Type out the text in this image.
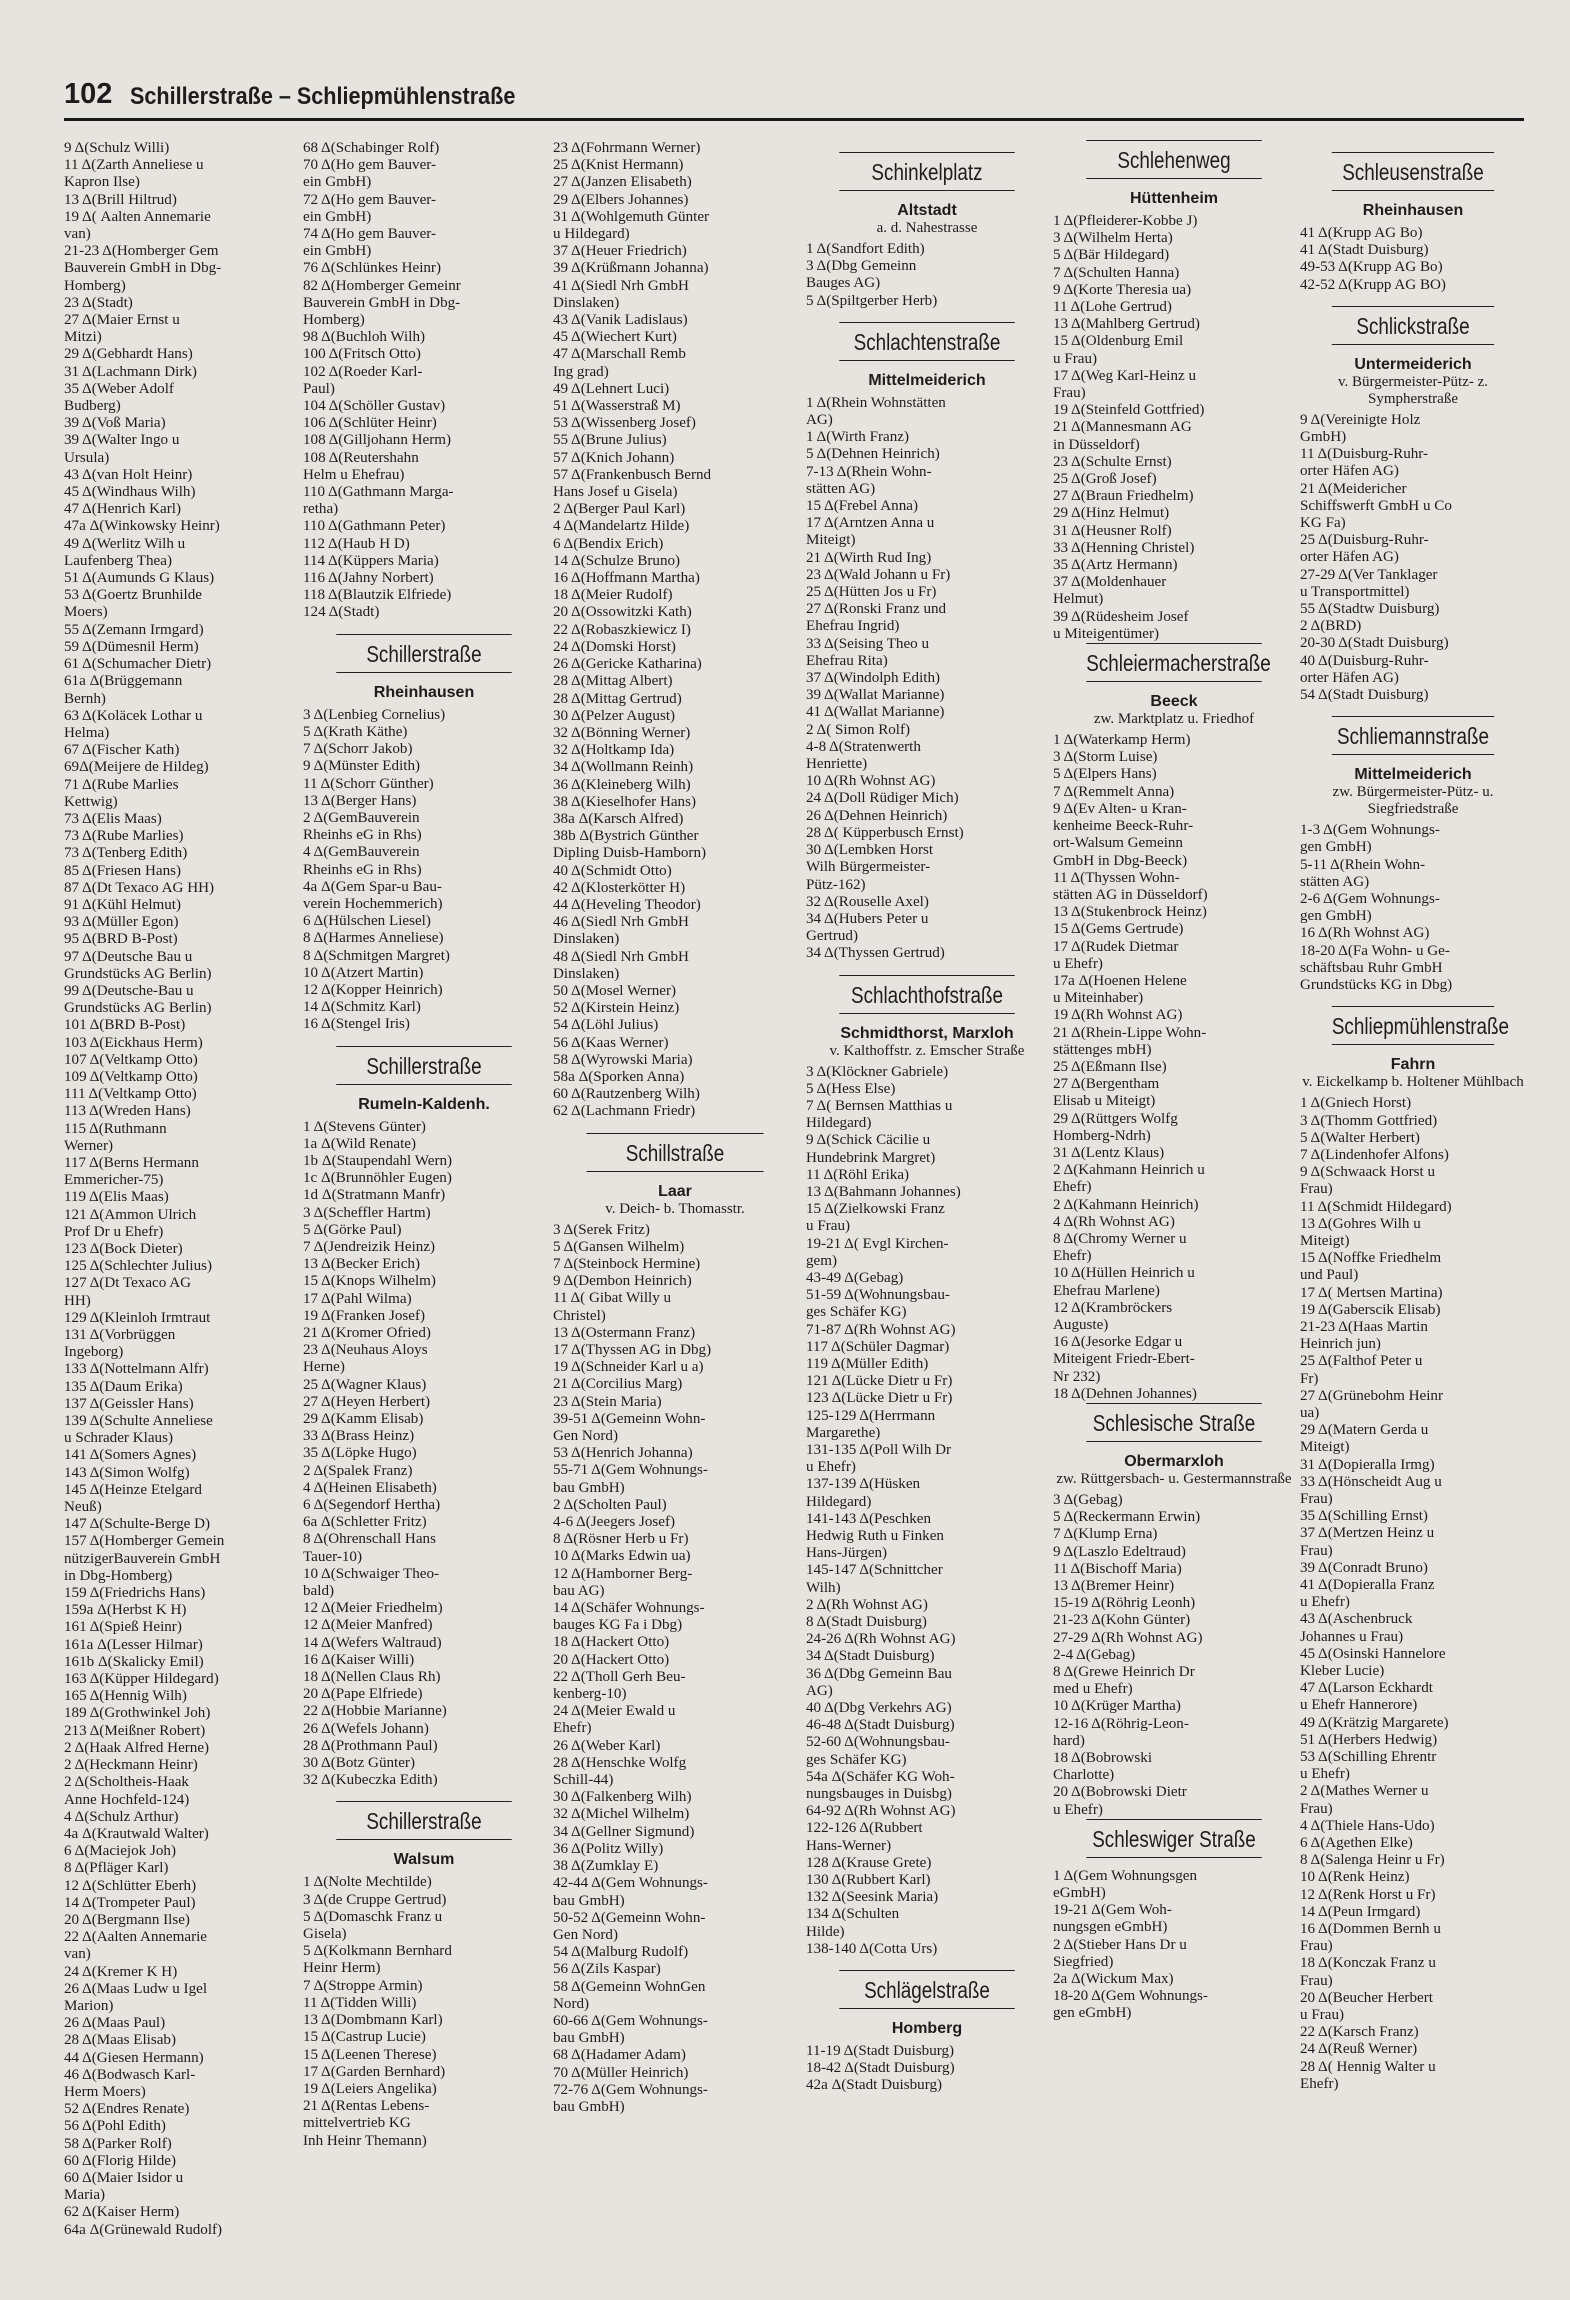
102 Schillerstraße – Schliepmühlenstraße
9 Δ(Schulz Willi)
11 Δ(Zarth Anneliese u
Kapron Ilse)
13 Δ(Brill Hiltrud)
19 Δ( Aalten Annemarie
van)
21-23 Δ(Homberger Gem
Bauverein GmbH in Dbg-
Homberg)
23 Δ(Stadt)
27 Δ(Maier Ernst u
Mitzi)
29 Δ(Gebhardt Hans)
31 Δ(Lachmann Dirk)
35 Δ(Weber Adolf
Budberg)
39 Δ(Voß Maria)
39 Δ(Walter Ingo u
Ursula)
43 Δ(van Holt Heinr)
45 Δ(Windhaus Wilh)
47 Δ(Henrich Karl)
47a Δ(Winkowsky Heinr)
49 Δ(Werlitz Wilh u
Laufenberg Thea)
51 Δ(Aumunds G Klaus)
53 Δ(Goertz Brunhilde
Moers)
55 Δ(Zemann Irmgard)
59 Δ(Dümesnil Herm)
61 Δ(Schumacher Dietr)
61a Δ(Brüggemann
Bernh)
63 Δ(Koläcek Lothar u
Helma)
67 Δ(Fischer Kath)
69Δ(Meijere de Hildeg)
71 Δ(Rube Marlies
Kettwig)
73 Δ(Elis Maas)
73 Δ(Rube Marlies)
73 Δ(Tenberg Edith)
85 Δ(Friesen Hans)
87 Δ(Dt Texaco AG HH)
91 Δ(Kühl Helmut)
93 Δ(Müller Egon)
95 Δ(BRD B-Post)
97 Δ(Deutsche Bau u
Grundstücks AG Berlin)
99 Δ(Deutsche-Bau u
Grundstücks AG Berlin)
101 Δ(BRD B-Post)
103 Δ(Eickhaus Herm)
107 Δ(Veltkamp Otto)
109 Δ(Veltkamp Otto)
111 Δ(Veltkamp Otto)
113 Δ(Wreden Hans)
115 Δ(Ruthmann
Werner)
117 Δ(Berns Hermann
Emmericher-75)
119 Δ(Elis Maas)
121 Δ(Ammon Ulrich
Prof Dr u Ehefr)
123 Δ(Bock Dieter)
125 Δ(Schlechter Julius)
127 Δ(Dt Texaco AG
HH)
129 Δ(Kleinloh Irmtraut
131 Δ(Vorbrüggen
Ingeborg)
133 Δ(Nottelmann Alfr)
135 Δ(Daum Erika)
137 Δ(Geissler Hans)
139 Δ(Schulte Anneliese
u Schrader Klaus)
141 Δ(Somers Agnes)
143 Δ(Simon Wolfg)
145 Δ(Heinze Etelgard
Neuß)
147 Δ(Schulte-Berge D)
157 Δ(Homberger Gemein
nützigerBauverein GmbH
in Dbg-Homberg)
159 Δ(Friedrichs Hans)
159a Δ(Herbst K H)
161 Δ(Spieß Heinr)
161a Δ(Lesser Hilmar)
161b Δ(Skalicky Emil)
163 Δ(Küpper Hildegard)
165 Δ(Hennig Wilh)
189 Δ(Grothwinkel Joh)
213 Δ(Meißner Robert)
2 Δ(Haak Alfred Herne)
2 Δ(Heckmann Heinr)
2 Δ(Scholtheis-Haak
Anne Hochfeld-124)
4 Δ(Schulz Arthur)
4a Δ(Krautwald Walter)
6 Δ(Maciejok Joh)
8 Δ(Pfläger Karl)
12 Δ(Schlütter Eberh)
14 Δ(Trompeter Paul)
20 Δ(Bergmann Ilse)
22 Δ(Aalten Annemarie
van)
24 Δ(Kremer K H)
26 Δ(Maas Ludw u Igel
Marion)
26 Δ(Maas Paul)
28 Δ(Maas Elisab)
44 Δ(Giesen Hermann)
46 Δ(Bodwasch Karl-
Herm Moers)
52 Δ(Endres Renate)
56 Δ(Pohl Edith)
58 Δ(Parker Rolf)
60 Δ(Florig Hilde)
60 Δ(Maier Isidor u
Maria)
62 Δ(Kaiser Herm)
64a Δ(Grünewald Rudolf)
68 Δ(Schabinger Rolf)
70 Δ(Ho gem Bauver-
ein GmbH)
72 Δ(Ho gem Bauver-
ein GmbH)
74 Δ(Ho gem Bauver-
ein GmbH)
76 Δ(Schlünkes Heinr)
82 Δ(Homberger Gemeinr
Bauverein GmbH in Dbg-
Homberg)
98 Δ(Buchloh Wilh)
100 Δ(Fritsch Otto)
102 Δ(Roeder Karl-
Paul)
104 Δ(Schöller Gustav)
106 Δ(Schlüter Heinr)
108 Δ(Gilljohann Herm)
108 Δ(Reutershahn
Helm u Ehefrau)
110 Δ(Gathmann Marga-
retha)
110 Δ(Gathmann Peter)
112 Δ(Haub H D)
114 Δ(Küppers Maria)
116 Δ(Jahny Norbert)
118 Δ(Blautzik Elfriede)
124 Δ(Stadt)
Schillerstraße
Rheinhausen
3 Δ(Lenbieg Cornelius)
5 Δ(Krath Käthe)
7 Δ(Schorr Jakob)
9 Δ(Münster Edith)
11 Δ(Schorr Günther)
13 Δ(Berger Hans)
2 Δ(GemBauverein
Rheinhs eG in Rhs)
4 Δ(GemBauverein
Rheinhs eG in Rhs)
4a Δ(Gem Spar-u Bau-
verein Hochemmerich)
6 Δ(Hülschen Liesel)
8 Δ(Harmes Anneliese)
8 Δ(Schmitgen Margret)
10 Δ(Atzert Martin)
12 Δ(Kopper Heinrich)
14 Δ(Schmitz Karl)
16 Δ(Stengel Iris)
Schillerstraße
Rumeln-Kaldenh.
1 Δ(Stevens Günter)
1a Δ(Wild Renate)
1b Δ(Staupendahl Wern)
1c Δ(Brunnöhler Eugen)
1d Δ(Stratmann Manfr)
3 Δ(Scheffler Hartm)
5 Δ(Görke Paul)
7 Δ(Jendreizik Heinz)
13 Δ(Becker Erich)
15 Δ(Knops Wilhelm)
17 Δ(Pahl Wilma)
19 Δ(Franken Josef)
21 Δ(Kromer Ofried)
23 Δ(Neuhaus Aloys
Herne)
25 Δ(Wagner Klaus)
27 Δ(Heyen Herbert)
29 Δ(Kamm Elisab)
33 Δ(Brass Heinz)
35 Δ(Löpke Hugo)
2 Δ(Spalek Franz)
4 Δ(Heinen Elisabeth)
6 Δ(Segendorf Hertha)
6a Δ(Schletter Fritz)
8 Δ(Ohrenschall Hans
Tauer-10)
10 Δ(Schwaiger Theo-
bald)
12 Δ(Meier Friedhelm)
12 Δ(Meier Manfred)
14 Δ(Wefers Waltraud)
16 Δ(Kaiser Willi)
18 Δ(Nellen Claus Rh)
20 Δ(Pape Elfriede)
22 Δ(Hobbie Marianne)
26 Δ(Wefels Johann)
28 Δ(Prothmann Paul)
30 Δ(Botz Günter)
32 Δ(Kubeczka Edith)
Schillerstraße
Walsum
1 Δ(Nolte Mechtilde)
3 Δ(de Cruppe Gertrud)
5 Δ(Domaschk Franz u
Gisela)
5 Δ(Kolkmann Bernhard
Heinr Herm)
7 Δ(Stroppe Armin)
11 Δ(Tidden Willi)
13 Δ(Dombmann Karl)
15 Δ(Castrup Lucie)
15 Δ(Leenen Therese)
17 Δ(Garden Bernhard)
19 Δ(Leiers Angelika)
21 Δ(Rentas Lebens-
mittelvertrieb KG
Inh Heinr Themann)
23 Δ(Fohrmann Werner)
25 Δ(Knist Hermann)
27 Δ(Janzen Elisabeth)
29 Δ(Elbers Johannes)
31 Δ(Wohlgemuth Günter
u Hildegard)
37 Δ(Heuer Friedrich)
39 Δ(Krüßmann Johanna)
41 Δ(Siedl Nrh GmbH
Dinslaken)
43 Δ(Vanik Ladislaus)
45 Δ(Wiechert Kurt)
47 Δ(Marschall Remb
Ing grad)
49 Δ(Lehnert Luci)
51 Δ(Wasserstraß M)
53 Δ(Wissenberg Josef)
55 Δ(Brune Julius)
57 Δ(Knich Johann)
57 Δ(Frankenbusch Bernd
Hans Josef u Gisela)
2 Δ(Berger Paul Karl)
4 Δ(Mandelartz Hilde)
6 Δ(Bendix Erich)
14 Δ(Schulze Bruno)
16 Δ(Hoffmann Martha)
18 Δ(Meier Rudolf)
20 Δ(Ossowitzki Kath)
22 Δ(Robaszkiewicz I)
24 Δ(Domski Horst)
26 Δ(Gericke Katharina)
28 Δ(Mittag Albert)
28 Δ(Mittag Gertrud)
30 Δ(Pelzer August)
32 Δ(Bönning Werner)
32 Δ(Holtkamp Ida)
34 Δ(Wollmann Reinh)
36 Δ(Kleineberg Wilh)
38 Δ(Kieselhofer Hans)
38a Δ(Karsch Alfred)
38b Δ(Bystrich Günther
Dipling Duisb-Hamborn)
40 Δ(Schmidt Otto)
42 Δ(Klosterkötter H)
44 Δ(Heveling Theodor)
46 Δ(Siedl Nrh GmbH
Dinslaken)
48 Δ(Siedl Nrh GmbH
Dinslaken)
50 Δ(Mosel Werner)
52 Δ(Kirstein Heinz)
54 Δ(Löhl Julius)
56 Δ(Kaas Werner)
58 Δ(Wyrowski Maria)
58a Δ(Sporken Anna)
60 Δ(Rautzenberg Wilh)
62 Δ(Lachmann Friedr)
Schillstraße
Laar
v. Deich- b. Thomasstr.
3 Δ(Serek Fritz)
5 Δ(Gansen Wilhelm)
7 Δ(Steinbock Hermine)
9 Δ(Dembon Heinrich)
11 Δ( Gibat Willy u
Christel)
13 Δ(Ostermann Franz)
17 Δ(Thyssen AG in Dbg)
19 Δ(Schneider Karl u a)
21 Δ(Corcilius Marg)
23 Δ(Stein Maria)
39-51 Δ(Gemeinn Wohn-
Gen Nord)
53 Δ(Henrich Johanna)
55-71 Δ(Gem Wohnungs-
bau GmbH)
2 Δ(Scholten Paul)
4-6 Δ(Jeegers Josef)
8 Δ(Rösner Herb u Fr)
10 Δ(Marks Edwin ua)
12 Δ(Hamborner Berg-
bau AG)
14 Δ(Schäfer Wohnungs-
bauges KG Fa i Dbg)
18 Δ(Hackert Otto)
20 Δ(Hackert Otto)
22 Δ(Tholl Gerh Beu-
kenberg-10)
24 Δ(Meier Ewald u
Ehefr)
26 Δ(Weber Karl)
28 Δ(Henschke Wolfg
Schill-44)
30 Δ(Falkenberg Wilh)
32 Δ(Michel Wilhelm)
34 Δ(Gellner Sigmund)
36 Δ(Politz Willy)
38 Δ(Zumklay E)
42-44 Δ(Gem Wohnungs-
bau GmbH)
50-52 Δ(Gemeinn Wohn-
Gen Nord)
54 Δ(Malburg Rudolf)
56 Δ(Zils Kaspar)
58 Δ(Gemeinn WohnGen
Nord)
60-66 Δ(Gem Wohnungs-
bau GmbH)
68 Δ(Hadamer Adam)
70 Δ(Müller Heinrich)
72-76 Δ(Gem Wohnungs-
bau GmbH)
Schinkelplatz
Altstadt
a. d. Nahestrasse
1 Δ(Sandfort Edith)
3 Δ(Dbg Gemeinn
Bauges AG)
5 Δ(Spiltgerber Herb)
Schlachtenstraße
Mittelmeiderich
1 Δ(Rhein Wohnstätten
AG)
1 Δ(Wirth Franz)
5 Δ(Dehnen Heinrich)
7-13 Δ(Rhein Wohn-
stätten AG)
15 Δ(Frebel Anna)
17 Δ(Arntzen Anna u
Miteigt)
21 Δ(Wirth Rud Ing)
23 Δ(Wald Johann u Fr)
25 Δ(Hütten Jos u Fr)
27 Δ(Ronski Franz und
Ehefrau Ingrid)
33 Δ(Seising Theo u
Ehefrau Rita)
37 Δ(Windolph Edith)
39 Δ(Wallat Marianne)
41 Δ(Wallat Marianne)
2 Δ( Simon Rolf)
4-8 Δ(Stratenwerth
Henriette)
10 Δ(Rh Wohnst AG)
24 Δ(Doll Rüdiger Mich)
26 Δ(Dehnen Heinrich)
28 Δ( Küpperbusch Ernst)
30 Δ(Lembken Horst
Wilh Bürgermeister-
Pütz-162)
32 Δ(Rouselle Axel)
34 Δ(Hubers Peter u
Gertrud)
34 Δ(Thyssen Gertrud)
Schlachthofstraße
Schmidthorst, Marxloh
v. Kalthoffstr. z. Emscher Straße
3 Δ(Klöckner Gabriele)
5 Δ(Hess Else)
7 Δ( Bernsen Matthias u
Hildegard)
9 Δ(Schick Cäcilie u
Hundebrink Margret)
11 Δ(Röhl Erika)
13 Δ(Bahmann Johannes)
15 Δ(Zielkowski Franz
u Frau)
19-21 Δ( Evgl Kirchen-
gem)
43-49 Δ(Gebag)
51-59 Δ(Wohnungsbau-
ges Schäfer KG)
71-87 Δ(Rh Wohnst AG)
117 Δ(Schüler Dagmar)
119 Δ(Müller Edith)
121 Δ(Lücke Dietr u Fr)
123 Δ(Lücke Dietr u Fr)
125-129 Δ(Herrmann
Margarethe)
131-135 Δ(Poll Wilh Dr
u Ehefr)
137-139 Δ(Hüsken
Hildegard)
141-143 Δ(Peschken
Hedwig Ruth u Finken
Hans-Jürgen)
145-147 Δ(Schnittcher
Wilh)
2 Δ(Rh Wohnst AG)
8 Δ(Stadt Duisburg)
24-26 Δ(Rh Wohnst AG)
34 Δ(Stadt Duisburg)
36 Δ(Dbg Gemeinn Bau
AG)
40 Δ(Dbg Verkehrs AG)
46-48 Δ(Stadt Duisburg)
52-60 Δ(Wohnungsbau-
ges Schäfer KG)
54a Δ(Schäfer KG Woh-
nungsbauges in Duisbg)
64-92 Δ(Rh Wohnst AG)
122-126 Δ(Rubbert
Hans-Werner)
128 Δ(Krause Grete)
130 Δ(Rubbert Karl)
132 Δ(Seesink Maria)
134 Δ(Schulten
Hilde)
138-140 Δ(Cotta Urs)
Schlägelstraße
Homberg
11-19 Δ(Stadt Duisburg)
18-42 Δ(Stadt Duisburg)
42a Δ(Stadt Duisburg)
Schlehenweg
Hüttenheim
1 Δ(Pfleiderer-Kobbe J)
3 Δ(Wilhelm Herta)
5 Δ(Bär Hildegard)
7 Δ(Schulten Hanna)
9 Δ(Korte Theresia ua)
11 Δ(Lohe Gertrud)
13 Δ(Mahlberg Gertrud)
15 Δ(Oldenburg Emil
u Frau)
17 Δ(Weg Karl-Heinz u
Frau)
19 Δ(Steinfeld Gottfried)
21 Δ(Mannesmann AG
in Düsseldorf)
23 Δ(Schulte Ernst)
25 Δ(Groß Josef)
27 Δ(Braun Friedhelm)
29 Δ(Hinz Helmut)
31 Δ(Heusner Rolf)
33 Δ(Henning Christel)
35 Δ(Artz Hermann)
37 Δ(Moldenhauer
Helmut)
39 Δ(Rüdesheim Josef
u Miteigentümer)
Schleiermacherstraße
Beeck
zw. Marktplatz u. Friedhof
1 Δ(Waterkamp Herm)
3 Δ(Storm Luise)
5 Δ(Elpers Hans)
7 Δ(Remmelt Anna)
9 Δ(Ev Alten- u Kran-
kenheime Beeck-Ruhr-
ort-Walsum Gemeinn
GmbH in Dbg-Beeck)
11 Δ(Thyssen Wohn-
stätten AG in Düsseldorf)
13 Δ(Stukenbrock Heinz)
15 Δ(Gems Gertrude)
17 Δ(Rudek Dietmar
u Ehefr)
17a Δ(Hoenen Helene
u Miteinhaber)
19 Δ(Rh Wohnst AG)
21 Δ(Rhein-Lippe Wohn-
stättenges mbH)
25 Δ(Eßmann Ilse)
27 Δ(Bergentham
Elisab u Miteigt)
29 Δ(Rüttgers Wolfg
Homberg-Ndrh)
31 Δ(Lentz Klaus)
2 Δ(Kahmann Heinrich u
Ehefr)
2 Δ(Kahmann Heinrich)
4 Δ(Rh Wohnst AG)
8 Δ(Chromy Werner u
Ehefr)
10 Δ(Hüllen Heinrich u
Ehefrau Marlene)
12 Δ(Krambröckers
Auguste)
16 Δ(Jesorke Edgar u
Miteigent Friedr-Ebert-
Nr 232)
18 Δ(Dehnen Johannes)
Schlesische Straße
Obermarxloh
zw. Rüttgersbach- u. Gestermannstraße
3 Δ(Gebag)
5 Δ(Reckermann Erwin)
7 Δ(Klump Erna)
9 Δ(Laszlo Edeltraud)
11 Δ(Bischoff Maria)
13 Δ(Bremer Heinr)
15-19 Δ(Röhrig Leonh)
21-23 Δ(Kohn Günter)
27-29 Δ(Rh Wohnst AG)
2-4 Δ(Gebag)
8 Δ(Grewe Heinrich Dr
med u Ehefr)
10 Δ(Krüger Martha)
12-16 Δ(Röhrig-Leon-
hard)
18 Δ(Bobrowski
Charlotte)
20 Δ(Bobrowski Dietr
u Ehefr)
Schleswiger Straße
1 Δ(Gem Wohnungsgen
eGmbH)
19-21 Δ(Gem Woh-
nungsgen eGmbH)
2 Δ(Stieber Hans Dr u
Siegfried)
2a Δ(Wickum Max)
18-20 Δ(Gem Wohnungs-
gen eGmbH)
Schleusenstraße
Rheinhausen
41 Δ(Krupp AG Bo)
41 Δ(Stadt Duisburg)
49-53 Δ(Krupp AG Bo)
42-52 Δ(Krupp AG BO)
Schlickstraße
Untermeiderich
v. Bürgermeister-Pütz- z. Sympherstraße
9 Δ(Vereinigte Holz
GmbH)
11 Δ(Duisburg-Ruhr-
orter Häfen AG)
21 Δ(Meidericher
Schiffswerft GmbH u Co
KG Fa)
25 Δ(Duisburg-Ruhr-
orter Häfen AG)
27-29 Δ(Ver Tanklager
u Transportmittel)
55 Δ(Stadtw Duisburg)
2 Δ(BRD)
20-30 Δ(Stadt Duisburg)
40 Δ(Duisburg-Ruhr-
orter Häfen AG)
54 Δ(Stadt Duisburg)
Schliemannstraße
Mittelmeiderich
zw. Bürgermeister-Pütz- u. Siegfriedstraße
1-3 Δ(Gem Wohnungs-
gen GmbH)
5-11 Δ(Rhein Wohn-
stätten AG)
2-6 Δ(Gem Wohnungs-
gen GmbH)
16 Δ(Rh Wohnst AG)
18-20 Δ(Fa Wohn- u Ge-
schäftsbau Ruhr GmbH
Grundstücks KG in Dbg)
Schliepmühlenstraße
Fahrn
v. Eickelkamp b. Holtener Mühlbach
1 Δ(Gniech Horst)
3 Δ(Thomm Gottfried)
5 Δ(Walter Herbert)
7 Δ(Lindenhofer Alfons)
9 Δ(Schwaack Horst u
Frau)
11 Δ(Schmidt Hildegard)
13 Δ(Gohres Wilh u
Miteigt)
15 Δ(Noffke Friedhelm
und Paul)
17 Δ( Mertsen Martina)
19 Δ(Gaberscik Elisab)
21-23 Δ(Haas Martin
Heinrich jun)
25 Δ(Falthof Peter u
Fr)
27 Δ(Grünebohm Heinr
ua)
29 Δ(Matern Gerda u
Miteigt)
31 Δ(Dopieralla Irmg)
33 Δ(Hönscheidt Aug u
Frau)
35 Δ(Schilling Ernst)
37 Δ(Mertzen Heinz u
Frau)
39 Δ(Conradt Bruno)
41 Δ(Dopieralla Franz
u Ehefr)
43 Δ(Aschenbruck
Johannes u Frau)
45 Δ(Osinski Hannelore
Kleber Lucie)
47 Δ(Larson Eckhardt
u Ehefr Hannerore)
49 Δ(Krätzig Margarete)
51 Δ(Herbers Hedwig)
53 Δ(Schilling Ehrentr
u Ehefr)
2 Δ(Mathes Werner u
Frau)
4 Δ(Thiele Hans-Udo)
6 Δ(Agethen Elke)
8 Δ(Salenga Heinr u Fr)
10 Δ(Renk Heinz)
12 Δ(Renk Horst u Fr)
14 Δ(Peun Irmgard)
16 Δ(Dommen Bernh u
Frau)
18 Δ(Konczak Franz u
Frau)
20 Δ(Beucher Herbert
u Frau)
22 Δ(Karsch Franz)
24 Δ(Reuß Werner)
28 Δ( Hennig Walter u
Ehefr)
